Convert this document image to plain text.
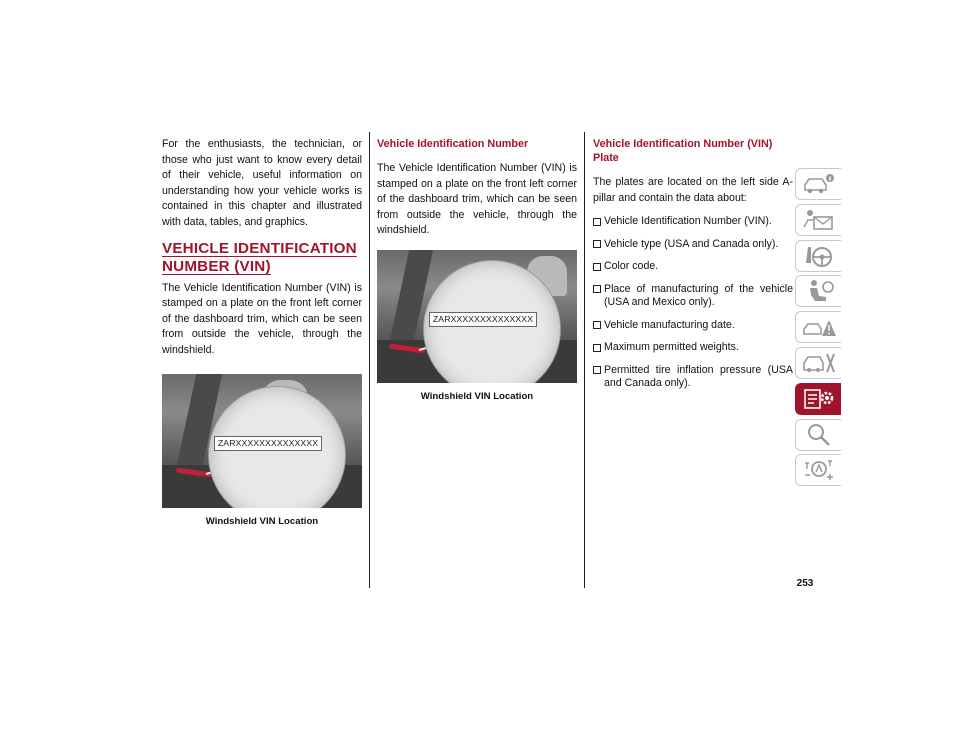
For the enthusiasts, the technician, or those who just want to know every detail of their vehicle, useful information on understanding how your vehicle works is contained in this chapter and illustrated with data, tables, and graphics.

VEHICLE IDENTIFICATION
NUMBER (VIN)

The Vehicle Identification Number (VIN) is stamped on a plate on the front left corner of the dashboard trim, which can be seen from outside the vehicle, through the windshield.

ZARXXXXXXXXXXXXXX
Windshield VIN Location
Vehicle Identification Number

The Vehicle Identification Number (VIN) is stamped on a plate on the front left corner of the dashboard trim, which can be seen from outside the vehicle, through the windshield.

ZARXXXXXXXXXXXXXX
Windshield VIN Location
Vehicle Identification Number (VIN) Plate

The plates are located on the left side A-pillar and contain the data about:

Vehicle Identification Number (VIN).
Vehicle type (USA and Canada only).
Color code.
Place of manufacturing of the vehicle (USA and Mexico only).
Vehicle manufacturing date.
Maximum permitted weights.
Permitted tire inflation pressure (USA and Canada only).
253
